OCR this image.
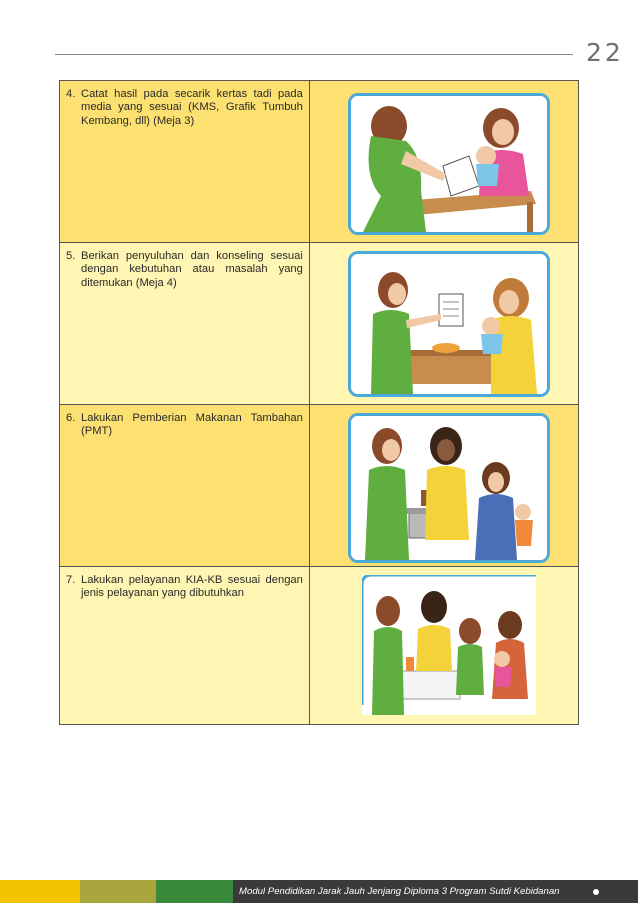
22
4. Catat hasil pada secarik kertas tadi pada media yang sesuai (KMS, Grafik Tumbuh Kembang, dll) (Meja 3)

5. Berikan penyuluhan dan konseling sesuai dengan kebutuhan atau masalah yang ditemukan (Meja 4)

6. Lakukan Pemberian Makanan Tambahan (PMT)

7. Lakukan pelayanan KIA-KB sesuai dengan jenis pelayanan yang dibutuhkan

Modul Pendidikan Jarak Jauh Jenjang Diploma 3 Program Sutdi Kebidanan
